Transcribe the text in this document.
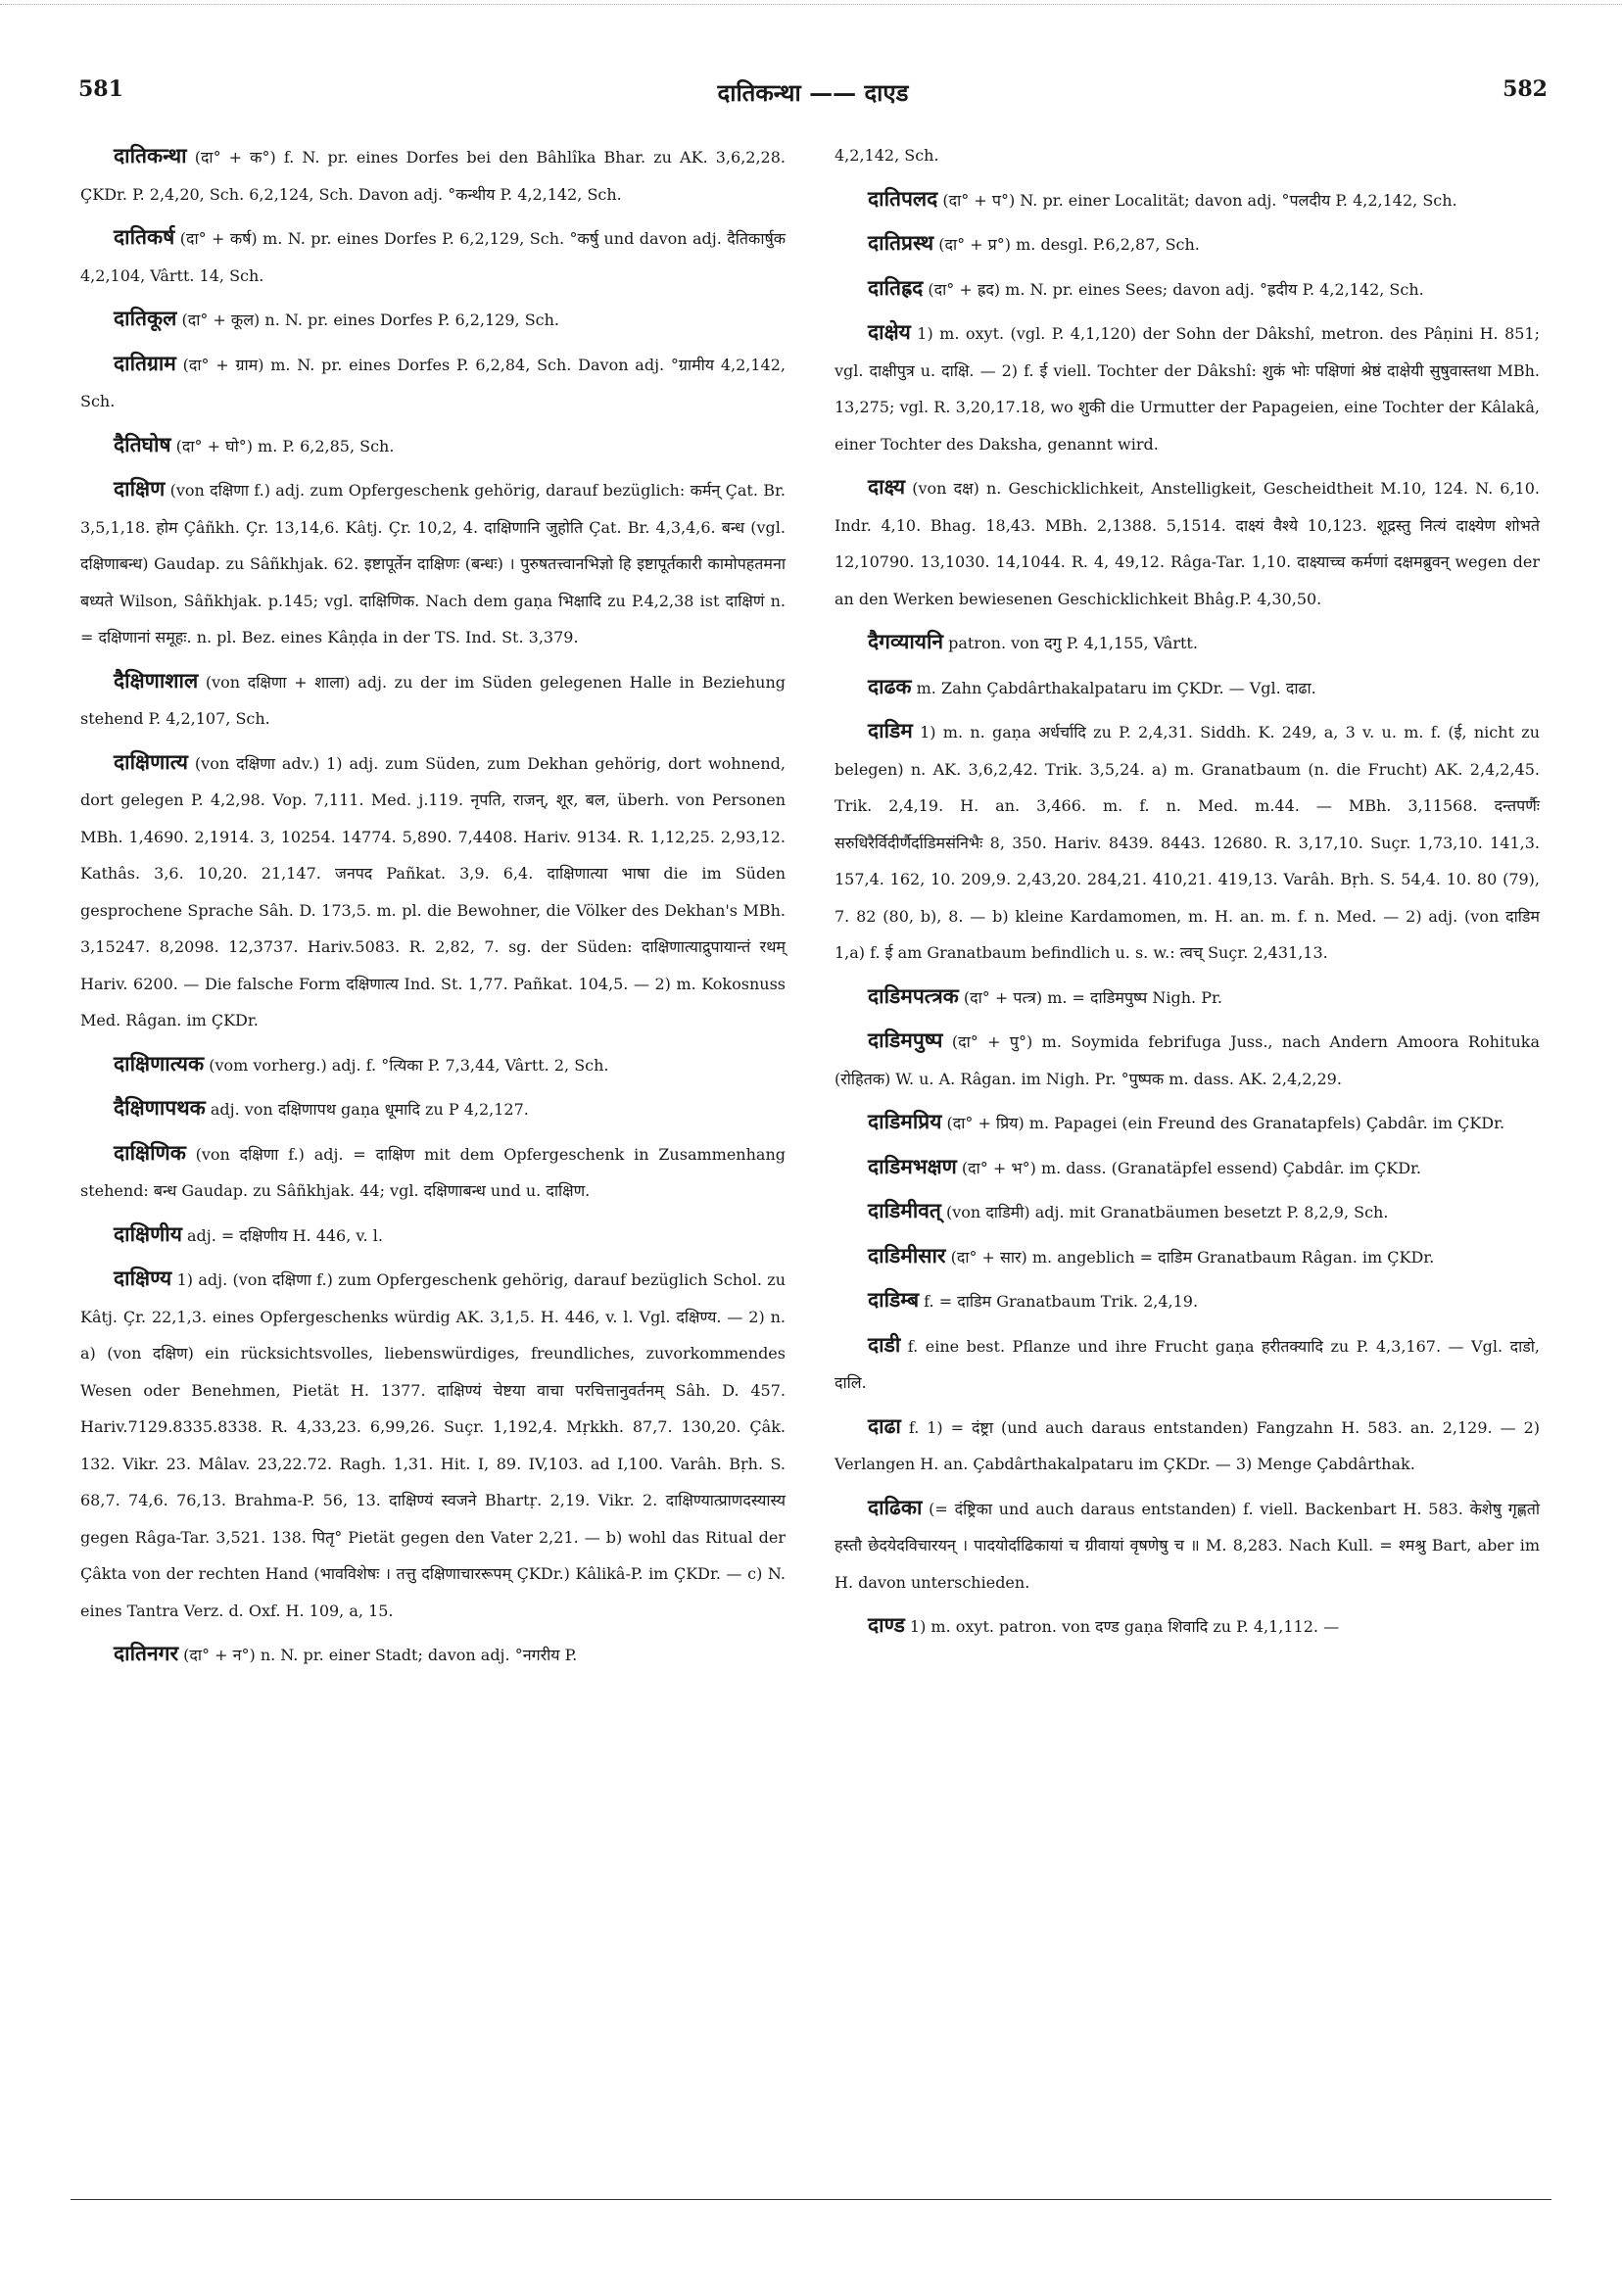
581	दातिकन्था —— दाएड	582

दातिकन्था (दा° + क°) f. N. pr. eines Dorfes bei den Bâhlîka Bhar. zu AK. 3,6,2,28. ÇKDr. P. 2,4,20, Sch. 6,2,124, Sch. Davon adj. °कन्थीय P. 4,2,142, Sch.

दातिकर्ष (दा° + कर्ष) m. N. pr. eines Dorfes P. 6,2,129, Sch. °कर्षु und davon adj. दैतिकार्षुक 4,2,104, Vârtt. 14, Sch.

दातिकूल (दा° + कूल) n. N. pr. eines Dorfes P. 6,2,129, Sch.

दातिग्राम (दा° + ग्राम) m. N. pr. eines Dorfes P. 6,2,84, Sch. Davon adj. °ग्रामीय 4,2,142, Sch.

दैतिघोष (दा° + घो°) m. P. 6,2,85, Sch.

दाक्षिण (von दक्षिणा f.) adj. zum Opfergeschenk gehörig, darauf bezüglich: कर्मन् Çat. Br. 3,5,1,18. होम Çâñkh. Çr. 13,14,6. Kâtj. Çr. 10,2, 4. दाक्षिणानि जुहोति Çat. Br. 4,3,4,6. बन्ध (vgl. दक्षिणाबन्ध) Gaudap. zu Sâñkhjak. 62. इष्टापूर्तेन दाक्षिणः (बन्धः) । पुरुषतत्त्वानभिज्ञो हि इष्टापूर्तकारी कामोपहतमना बध्यते Wilson, Sâñkhjak. p.145; vgl. दाक्षिणिक. Nach dem gaṇa भिक्षादि zu P.4,2,38 ist दाक्षिणं n. = दक्षिणानां समूहः. n. pl. Bez. eines Kâṇḍa in der TS. Ind. St. 3,379.

दैक्षिणाशाल (von दक्षिणा + शाला) adj. zu der im Süden gelegenen Halle in Beziehung stehend P. 4,2,107, Sch.

दाक्षिणात्य (von दक्षिणा adv.) 1) adj. zum Süden, zum Dekhan gehörig, dort wohnend, dort gelegen P. 4,2,98. Vop. 7,111. Med. j.119. नृपति, राजन्, शूर, बल, überh. von Personen MBh. 1,4690. 2,1914. 3, 10254. 14774. 5,890. 7,4408. Hariv. 9134. R. 1,12,25. 2,93,12. Kathâs. 3,6. 10,20. 21,147. जनपद Pañkat. 3,9. 6,4. दाक्षिणात्या भाषा die im Süden gesprochene Sprache Sâh. D. 173,5. m. pl. die Bewohner, die Völker des Dekhan's MBh. 3,15247. 8,2098. 12,3737. Hariv.5083. R. 2,82, 7. sg. der Süden: दाक्षिणात्याद्रुपायान्तं रथम् Hariv. 6200. — Die falsche Form दक्षिणात्य Ind. St. 1,77. Pañkat. 104,5. — 2) m. Kokosnuss Med. Râgan. im ÇKDr.

दाक्षिणात्यक (vom vorherg.) adj. f. °त्यिका P. 7,3,44, Vârtt. 2, Sch.

दैक्षिणापथक adj. von दक्षिणापथ gaṇa धूमादि zu P 4,2,127.

दाक्षिणिक (von दक्षिणा f.) adj. = दाक्षिण mit dem Opfergeschenk in Zusammenhang stehend: बन्ध Gaudap. zu Sâñkhjak. 44; vgl. दक्षिणाबन्ध und u. दाक्षिण.

दाक्षिणीय adj. = दक्षिणीय H. 446, v. l.

दाक्षिण्य 1) adj. (von दक्षिणा f.) zum Opfergeschenk gehörig, darauf bezüglich Schol. zu Kâtj. Çr. 22,1,3. eines Opfergeschenks würdig AK. 3,1,5. H. 446, v. l. Vgl. दक्षिण्य. — 2) n. a) (von दक्षिण) ein rücksichtsvolles, liebenswürdiges, freundliches, zuvorkommendes Wesen oder Benehmen, Pietät H. 1377. दाक्षिण्यं चेष्टया वाचा परचित्तानुवर्तनम् Sâh. D. 457. Hariv.7129.8335.8338. R. 4,33,23. 6,99,26. Suçr. 1,192,4. Mṛkkh. 87,7. 130,20. Çâk. 132. Vikr. 23. Mâlav. 23,22.72. Ragh. 1,31. Hit. I, 89. IV,103. ad I,100. Varâh. Bṛh. S. 68,7. 74,6. 76,13. Brahma-P. 56, 13. दाक्षिण्यं स्वजने Bhartṛ. 2,19. Vikr. 2. दाक्षिण्यात्प्राणदस्यास्य gegen Râga-Tar. 3,521. 138. पितृ° Pietät gegen den Vater 2,21. — b) wohl das Ritual der Çâkta von der rechten Hand (भावविशेषः । तत्तु दक्षिणाचाररूपम् ÇKDr.) Kâlikâ-P. im ÇKDr. — c) N. eines Tantra Verz. d. Oxf. H. 109, a, 15.

दातिनगर (दा° + न°) n. N. pr. einer Stadt; davon adj. °नगरीय P.

4,2,142, Sch.

दातिपलद (दा° + प°) N. pr. einer Localität; davon adj. °पलदीय P. 4,2,142, Sch.

दातिप्रस्थ (दा° + प्र°) m. desgl. P.6,2,87, Sch.

दातिह्रद (दा° + ह्रद) m. N. pr. eines Sees; davon adj. °ह्रदीय P. 4,2,142, Sch.

दाक्षेय 1) m. oxyt. (vgl. P. 4,1,120) der Sohn der Dâkshî, metron. des Pâṇini H. 851; vgl. दाक्षीपुत्र u. दाक्षि. — 2) f. ई viell. Tochter der Dâkshî: शुकं भोः पक्षिणां श्रेष्ठं दाक्षेयी सुषुवास्तथा MBh. 13,275; vgl. R. 3,20,17.18, wo शुकी die Urmutter der Papageien, eine Tochter der Kâlakâ, einer Tochter des Daksha, genannt wird.

दाक्ष्य (von दक्ष) n. Geschicklichkeit, Anstelligkeit, Gescheidtheit M.10, 124. N. 6,10. Indr. 4,10. Bhag. 18,43. MBh. 2,1388. 5,1514. दाक्ष्यं वैश्ये 10,123. शूद्रस्तु नित्यं दाक्ष्येण शोभते 12,10790. 13,1030. 14,1044. R. 4, 49,12. Râga-Tar. 1,10. दाक्ष्याच्च कर्मणां दक्षमब्रुवन् wegen der an den Werken bewiesenen Geschicklichkeit Bhâg.P. 4,30,50.

दैगव्यायनि patron. von दगु P. 4,1,155, Vârtt.

दाढक m. Zahn Çabdârthakalpataru im ÇKDr. — Vgl. दाढा.

दाडिम 1) m. n. gaṇa अर्धर्चादि zu P. 2,4,31. Siddh. K. 249, a, 3 v. u. m. f. (ई, nicht zu belegen) n. AK. 3,6,2,42. Trik. 3,5,24. a) m. Granatbaum (n. die Frucht) AK. 2,4,2,45. Trik. 2,4,19. H. an. 3,466. m. f. n. Med. m.44. — MBh. 3,11568. दन्तपर्णैः सरुधिरैर्विदीर्णैर्दाडिमसंनिभैः 8, 350. Hariv. 8439. 8443. 12680. R. 3,17,10. Suçr. 1,73,10. 141,3. 157,4. 162, 10. 209,9. 2,43,20. 284,21. 410,21. 419,13. Varâh. Bṛh. S. 54,4. 10. 80 (79), 7. 82 (80, b), 8. — b) kleine Kardamomen, m. H. an. m. f. n. Med. — 2) adj. (von दाडिम 1,a) f. ई am Granatbaum befindlich u. s. w.: त्वच् Suçr. 2,431,13.

दाडिमपत्त्रक (दा° + पत्त्र) m. = दाडिमपुष्प Nigh. Pr.

दाडिमपुष्प (दा° + पु°) m. Soymida febrifuga Juss., nach Andern Amoora Rohituka (रोहितक) W. u. A. Râgan. im Nigh. Pr. °पुष्पक m. dass. AK. 2,4,2,29.

दाडिमप्रिय (दा° + प्रिय) m. Papagei (ein Freund des Granatapfels) Çabdâr. im ÇKDr.

दाडिमभक्षण (दा° + भ°) m. dass. (Granatäpfel essend) Çabdâr. im ÇKDr.

दाडिमीवत् (von दाडिमी) adj. mit Granatbäumen besetzt P. 8,2,9, Sch.

दाडिमीसार (दा° + सार) m. angeblich = दाडिम Granatbaum Râgan. im ÇKDr.

दाडिम्ब f. = दाडिम Granatbaum Trik. 2,4,19.

दाडी f. eine best. Pflanze und ihre Frucht gaṇa हरीतक्यादि zu P. 4,3,167. — Vgl. दाडो, दालि.

दाढा f. 1) = दंष्ट्रा (und auch daraus entstanden) Fangzahn H. 583. an. 2,129. — 2) Verlangen H. an. Çabdârthakalpataru im ÇKDr. — 3) Menge Çabdârthak.

दाढिका (= दंष्ट्रिका und auch daraus entstanden) f. viell. Backenbart H. 583. केशेषु गृह्णतो हस्तौ छेदयेदविचारयन् । पादयोर्दाढिकायां च ग्रीवायां वृषणेषु च ॥ M. 8,283. Nach Kull. = श्मश्रु Bart, aber im H. davon unterschieden.

दाण्ड 1) m. oxyt. patron. von दण्ड gaṇa शिवादि zu P. 4,1,112. —
